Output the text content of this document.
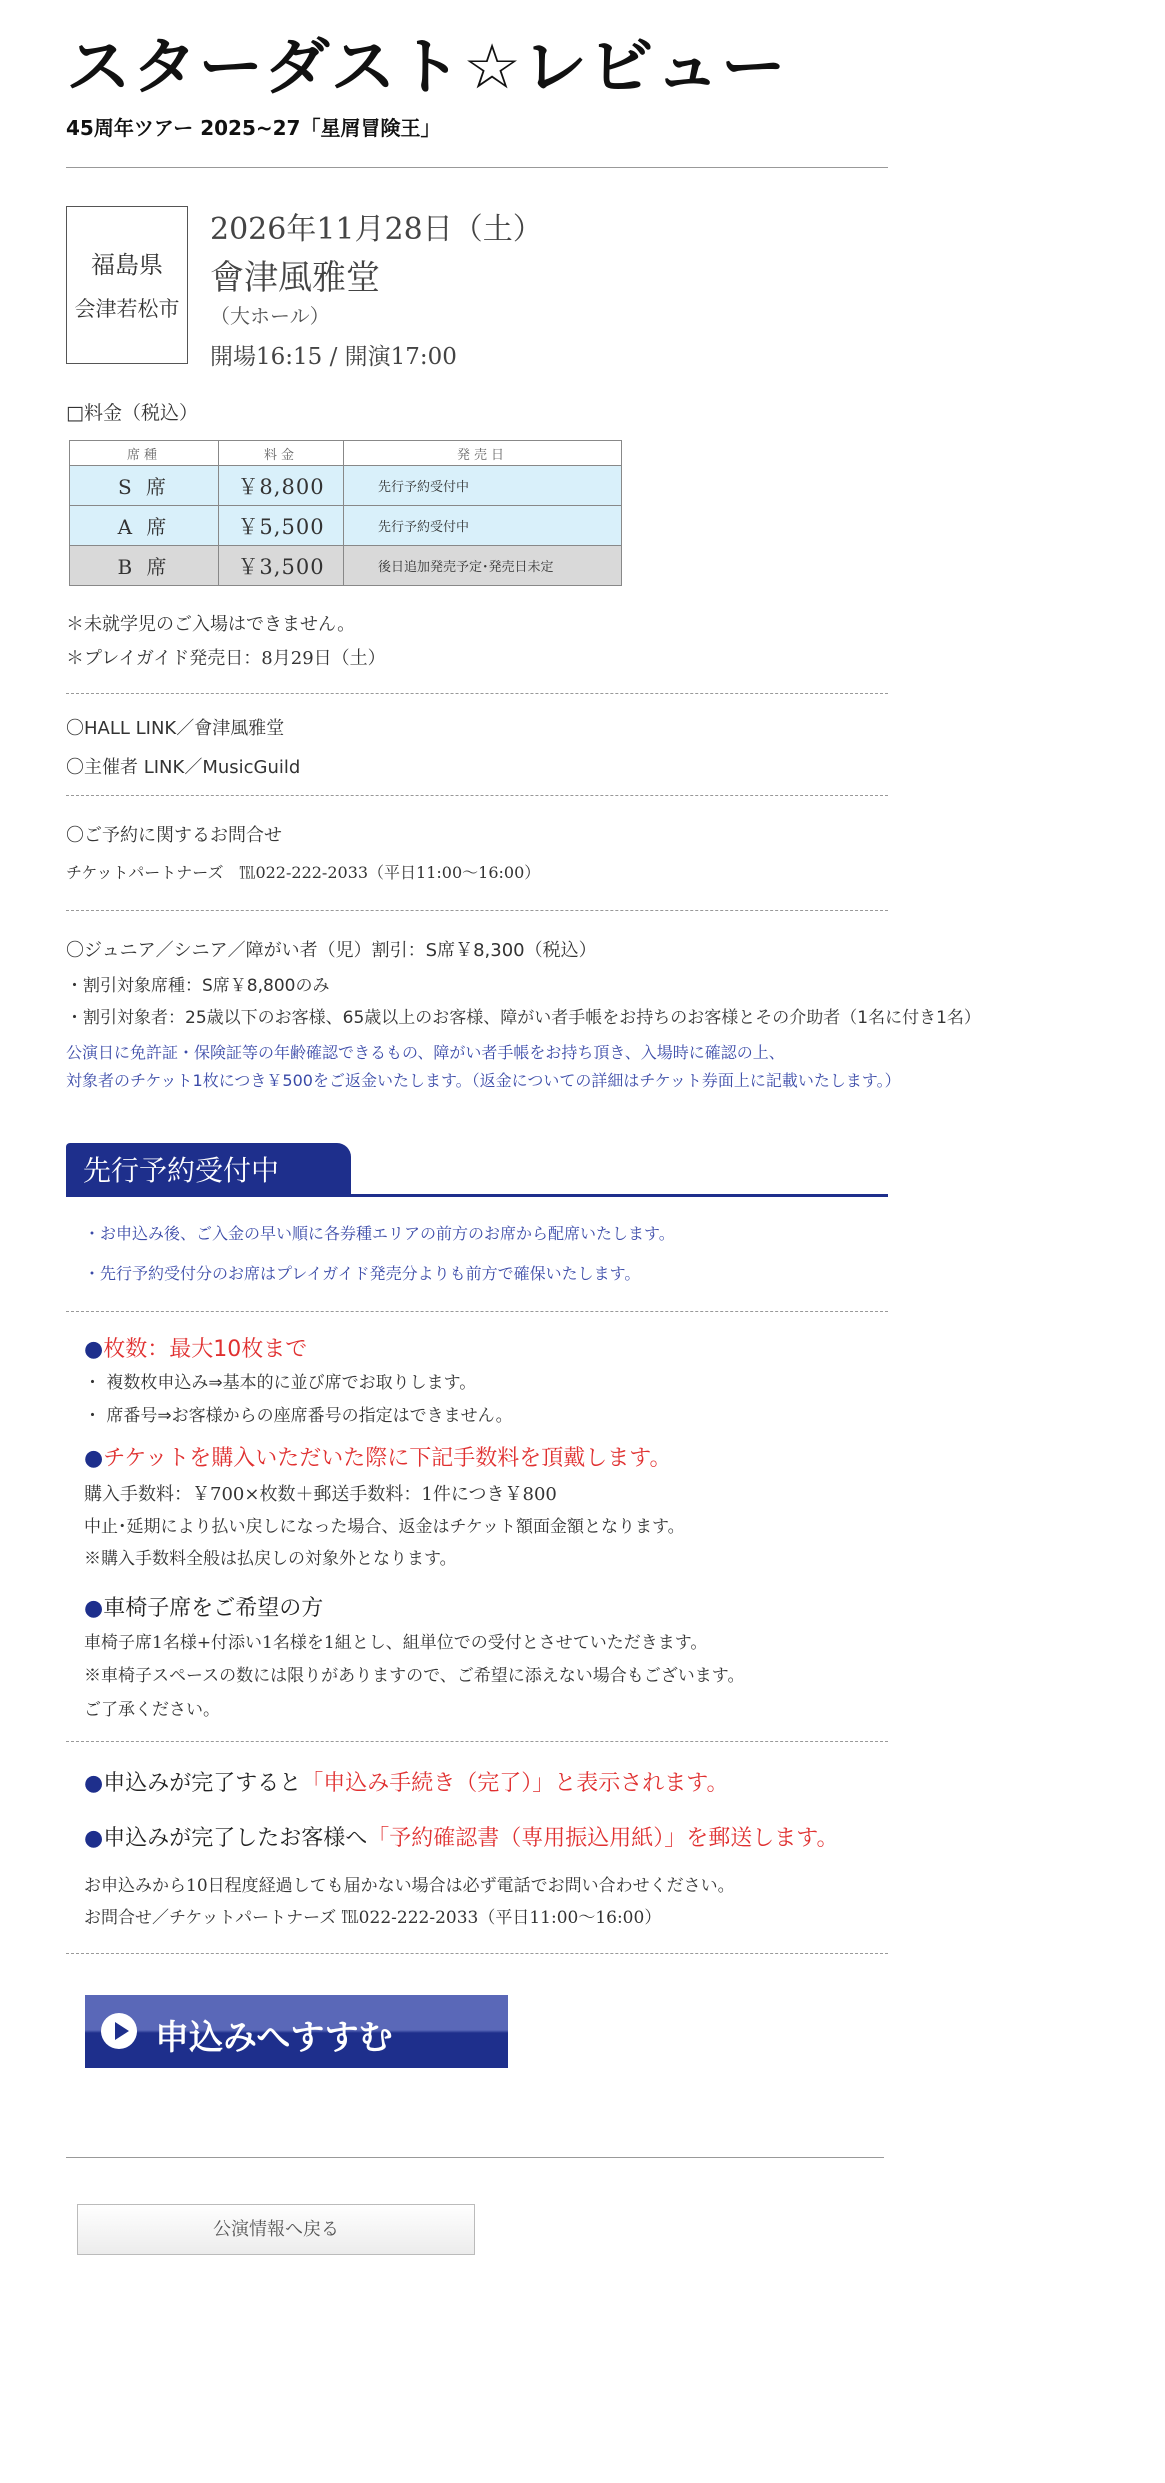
スターダスト☆レビュー
45周年ツアー 2025~27「星屑冒険王」
福島県
会津若松市
2026年11月28日（土）
會津風雅堂
（大ホール）
開場16:15 / 開演17:00
□料金（税込）
席種	料金	発売日
S 席	￥8,800	先行予約受付中
A 席	￥5,500	先行予約受付中
B 席	￥3,500	後日追加発売予定･発売日未定
＊未就学児のご入場はできません。
＊プレイガイド発売日：8月29日（土）
〇HALL LINK／會津風雅堂
〇主催者 LINK／MusicGuild
〇ご予約に関するお問合せ
チケットパートナーズ　℡022-222-2033（平日11:00～16:00）
〇ジュニア／シニア／障がい者（児）割引：S席￥8,300（税込）
・割引対象席種：S席￥8,800のみ
・割引対象者：25歳以下のお客様、65歳以上のお客様、障がい者手帳をお持ちのお客様とその介助者（1名に付き1名）
公演日に免許証・保険証等の年齢確認できるもの、障がい者手帳をお持ち頂き、入場時に確認の上、
対象者のチケット1枚につき￥500をご返金いたします。（返金についての詳細はチケット券面上に記載いたします。）
先行予約受付中
・お申込み後、ご入金の早い順に各券種エリアの前方のお席から配席いたします。
・先行予約受付分のお席はプレイガイド発売分よりも前方で確保いたします。
●枚数：最大10枚まで
・ 複数枚申込み⇒基本的に並び席でお取りします。
・ 席番号⇒お客様からの座席番号の指定はできません。
●チケットを購入いただいた際に下記手数料を頂戴します。
購入手数料：￥700×枚数＋郵送手数料：1件につき￥800
中止･延期により払い戻しになった場合、返金はチケット額面金額となります。
※購入手数料全般は払戻しの対象外となります。
●車椅子席をご希望の方
車椅子席1名様+付添い1名様を1組とし、組単位での受付とさせていただきます。
※車椅子スペースの数には限りがありますので、ご希望に添えない場合もございます。
ご了承ください。
●申込みが完了すると「申込み手続き（完了）」と表示されます。
●申込みが完了したお客様へ「予約確認書（専用振込用紙）」を郵送します。
お申込みから10日程度経過しても届かない場合は必ず電話でお問い合わせください。
お問合せ／チケットパートナーズ ℡022-222-2033（平日11:00～16:00）
申込みへすすむ
公演情報へ戻る
